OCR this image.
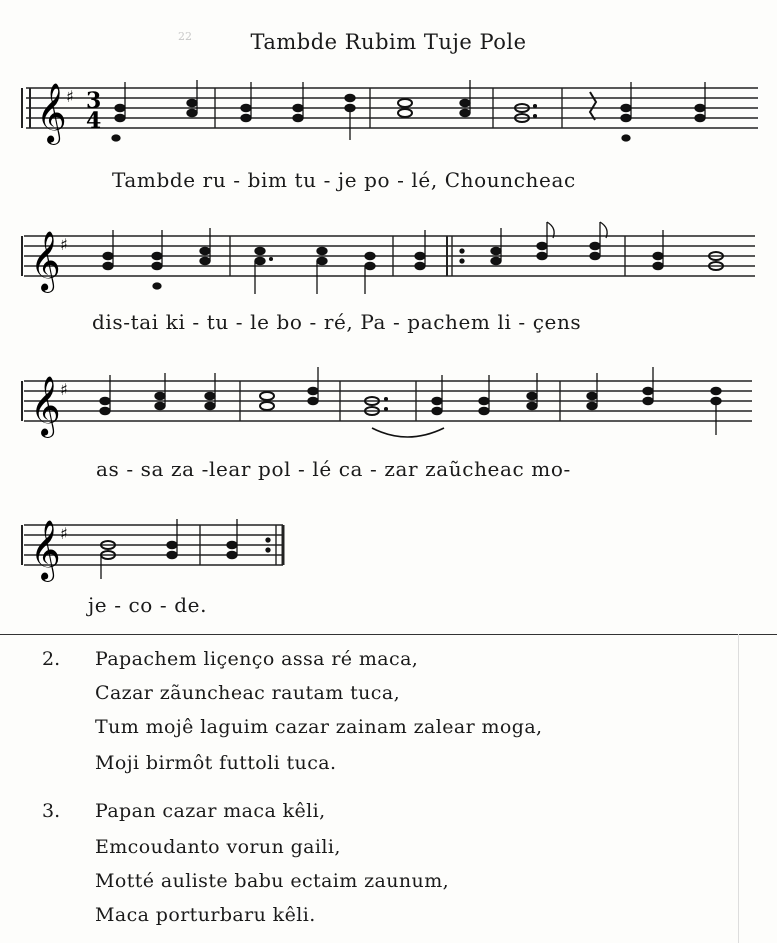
22	Tambde Rubim Tuje Pole
𝄞 ♯ 3
4
Tambde ru - bim tu - je po - lé, Chouncheac
𝄞 ♯
dis-tai ki - tu - le bo - ré, Pa - pachem li - çens
𝄞 ♯
as - sa za -lear pol - lé ca - zar zaũcheac mo-
𝄞 ♯
je - co - de.
2. Papachem liçenço assa ré maca,
Cazar zãuncheac rautam tuca,
Tum mojê laguim cazar zainam zalear moga,
Moji birmôt futtoli tuca.
3. Papan cazar maca kêli,
Emcoudanto vorun gaili,
Motté auliste babu ectaim zaunum,
Maca porturbaru kêli.
